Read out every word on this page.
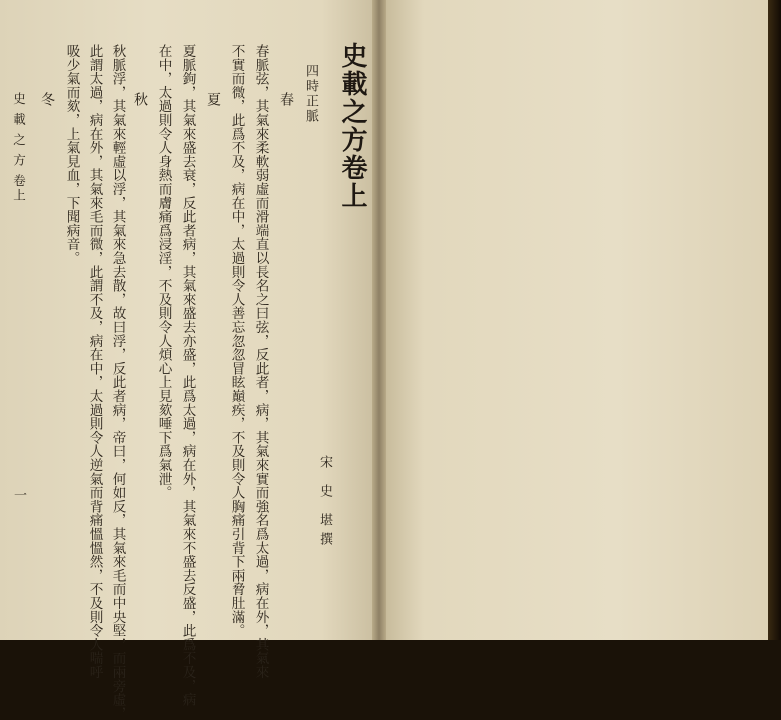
史載之方卷上
四時正脈
春
春脈弦，其氣來柔軟弱虛而滑端直以長名之曰弦，反此者，病，其氣來實而強名爲太過，病在外，其氣來
不實而微，此爲不及，病在中，太過則令人善忘忽忽冒眩巔疾，不及則令人胸痛引背下兩脅肚滿。
夏
夏脈鉤，其氣來盛去衰，反此者病，其氣來盛去亦盛，此爲太過，病在外，其氣來不盛去反盛，此爲不及，病
在中，太過則令人身熱而膚痛爲浸淫，不及則令人煩心上見欬唾下爲氣泄。
秋
秋脈浮，其氣來輕虛以浮，其氣來急去散，故曰浮，反此者病，帝曰，何如反，其氣來毛而中央堅，而兩旁虛，
此謂太過，病在外，其氣來毛而微，此謂不及，病在中，太過則令人逆氣而背痛慍慍然，不及則令人喘呼
吸少氣而欬，上氣見血，下聞病音。
冬
宋 史 堪撰
史 載 之 方 卷上
一
